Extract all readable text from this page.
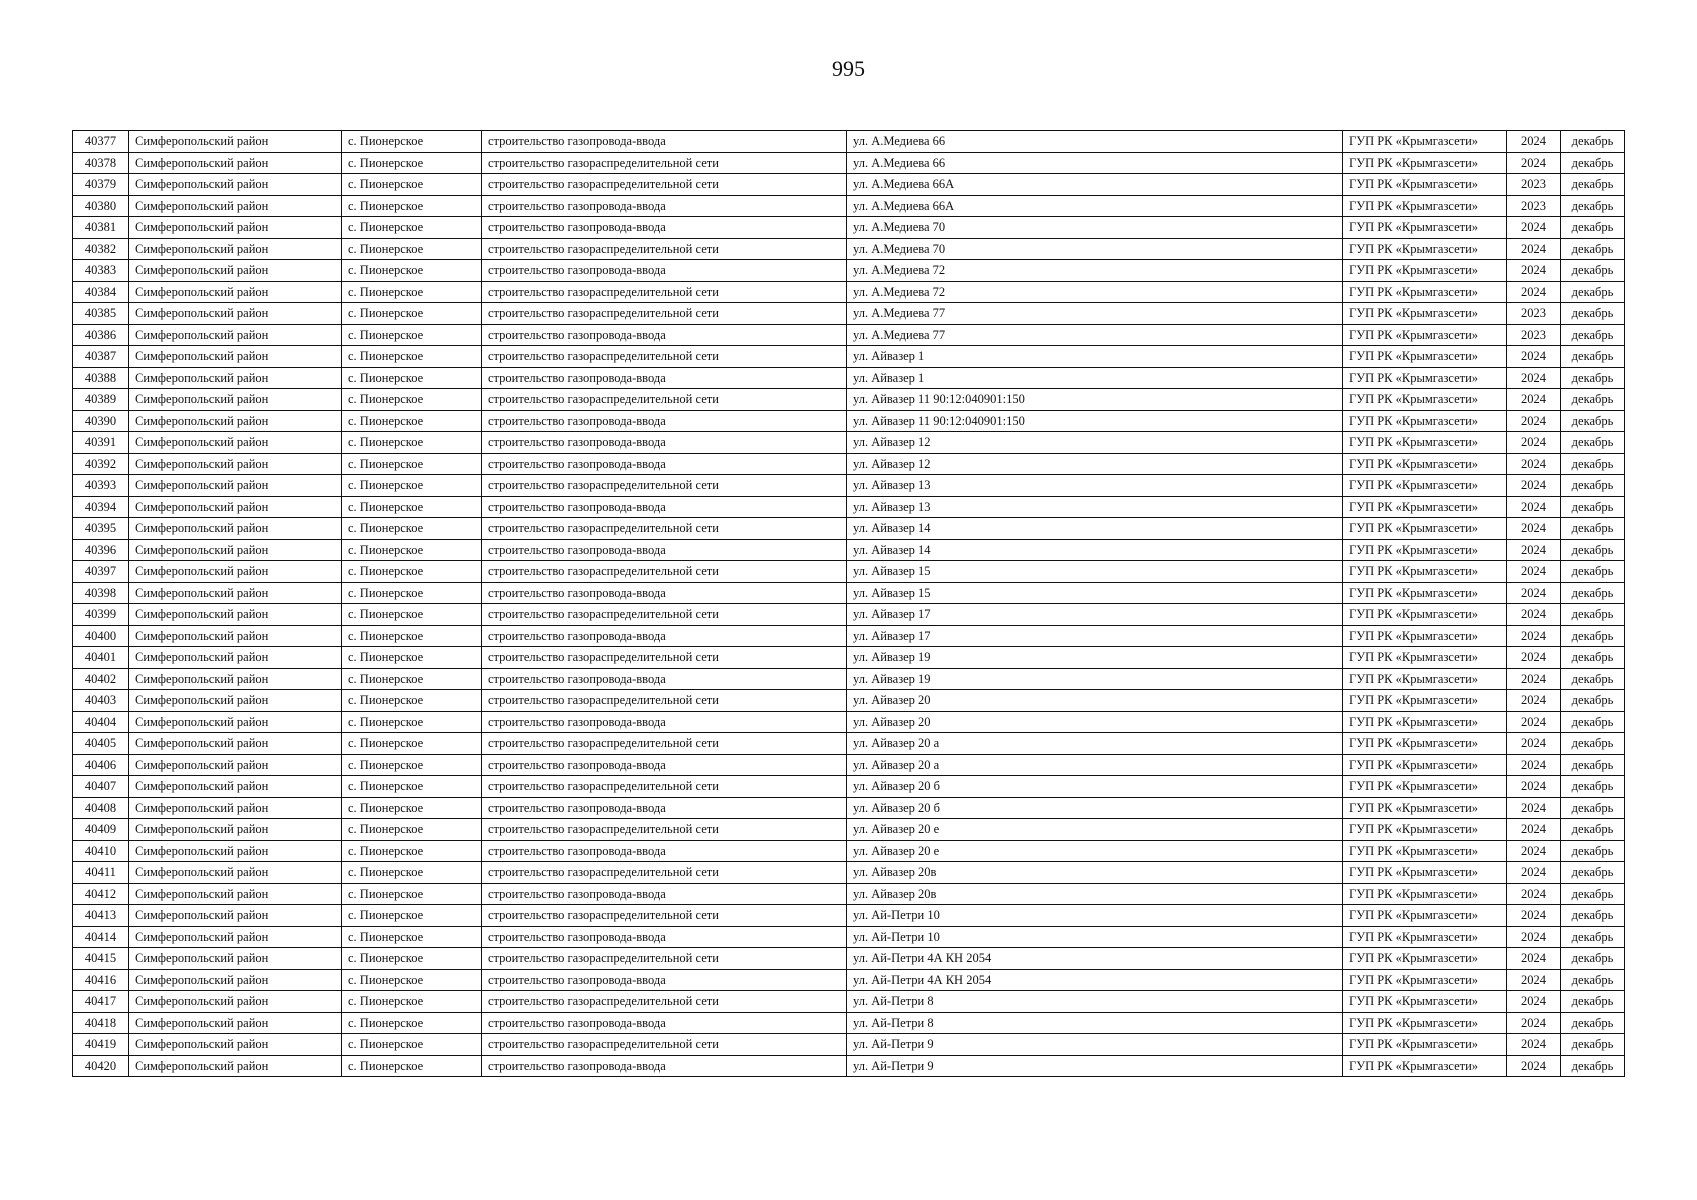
995
40377	Симферопольский район	с. Пионерское	строительство газопровода-ввода	ул. А.Медиева 66	ГУП РК «Крымгазсети»	2024	декабрь
40378	Симферопольский район	с. Пионерское	строительство газораспределительной сети	ул. А.Медиева 66	ГУП РК «Крымгазсети»	2024	декабрь
40379	Симферопольский район	с. Пионерское	строительство газораспределительной сети	ул. А.Медиева 66А	ГУП РК «Крымгазсети»	2023	декабрь
40380	Симферопольский район	с. Пионерское	строительство газопровода-ввода	ул. А.Медиева 66А	ГУП РК «Крымгазсети»	2023	декабрь
40381	Симферопольский район	с. Пионерское	строительство газопровода-ввода	ул. А.Медиева 70	ГУП РК «Крымгазсети»	2024	декабрь
40382	Симферопольский район	с. Пионерское	строительство газораспределительной сети	ул. А.Медиева 70	ГУП РК «Крымгазсети»	2024	декабрь
40383	Симферопольский район	с. Пионерское	строительство газопровода-ввода	ул. А.Медиева 72	ГУП РК «Крымгазсети»	2024	декабрь
40384	Симферопольский район	с. Пионерское	строительство газораспределительной сети	ул. А.Медиева 72	ГУП РК «Крымгазсети»	2024	декабрь
40385	Симферопольский район	с. Пионерское	строительство газораспределительной сети	ул. А.Медиева 77	ГУП РК «Крымгазсети»	2023	декабрь
40386	Симферопольский район	с. Пионерское	строительство газопровода-ввода	ул. А.Медиева 77	ГУП РК «Крымгазсети»	2023	декабрь
40387	Симферопольский район	с. Пионерское	строительство газораспределительной сети	ул. Айвазер 1	ГУП РК «Крымгазсети»	2024	декабрь
40388	Симферопольский район	с. Пионерское	строительство газопровода-ввода	ул. Айвазер 1	ГУП РК «Крымгазсети»	2024	декабрь
40389	Симферопольский район	с. Пионерское	строительство газораспределительной сети	ул. Айвазер 11 90:12:040901:150	ГУП РК «Крымгазсети»	2024	декабрь
40390	Симферопольский район	с. Пионерское	строительство газопровода-ввода	ул. Айвазер 11 90:12:040901:150	ГУП РК «Крымгазсети»	2024	декабрь
40391	Симферопольский район	с. Пионерское	строительство газопровода-ввода	ул. Айвазер 12	ГУП РК «Крымгазсети»	2024	декабрь
40392	Симферопольский район	с. Пионерское	строительство газопровода-ввода	ул. Айвазер 12	ГУП РК «Крымгазсети»	2024	декабрь
40393	Симферопольский район	с. Пионерское	строительство газораспределительной сети	ул. Айвазер 13	ГУП РК «Крымгазсети»	2024	декабрь
40394	Симферопольский район	с. Пионерское	строительство газопровода-ввода	ул. Айвазер 13	ГУП РК «Крымгазсети»	2024	декабрь
40395	Симферопольский район	с. Пионерское	строительство газораспределительной сети	ул. Айвазер 14	ГУП РК «Крымгазсети»	2024	декабрь
40396	Симферопольский район	с. Пионерское	строительство газопровода-ввода	ул. Айвазер 14	ГУП РК «Крымгазсети»	2024	декабрь
40397	Симферопольский район	с. Пионерское	строительство газораспределительной сети	ул. Айвазер 15	ГУП РК «Крымгазсети»	2024	декабрь
40398	Симферопольский район	с. Пионерское	строительство газопровода-ввода	ул. Айвазер 15	ГУП РК «Крымгазсети»	2024	декабрь
40399	Симферопольский район	с. Пионерское	строительство газораспределительной сети	ул. Айвазер 17	ГУП РК «Крымгазсети»	2024	декабрь
40400	Симферопольский район	с. Пионерское	строительство газопровода-ввода	ул. Айвазер 17	ГУП РК «Крымгазсети»	2024	декабрь
40401	Симферопольский район	с. Пионерское	строительство газораспределительной сети	ул. Айвазер 19	ГУП РК «Крымгазсети»	2024	декабрь
40402	Симферопольский район	с. Пионерское	строительство газопровода-ввода	ул. Айвазер 19	ГУП РК «Крымгазсети»	2024	декабрь
40403	Симферопольский район	с. Пионерское	строительство газораспределительной сети	ул. Айвазер 20	ГУП РК «Крымгазсети»	2024	декабрь
40404	Симферопольский район	с. Пионерское	строительство газопровода-ввода	ул. Айвазер 20	ГУП РК «Крымгазсети»	2024	декабрь
40405	Симферопольский район	с. Пионерское	строительство газораспределительной сети	ул. Айвазер 20 а	ГУП РК «Крымгазсети»	2024	декабрь
40406	Симферопольский район	с. Пионерское	строительство газопровода-ввода	ул. Айвазер 20 а	ГУП РК «Крымгазсети»	2024	декабрь
40407	Симферопольский район	с. Пионерское	строительство газораспределительной сети	ул. Айвазер 20 б	ГУП РК «Крымгазсети»	2024	декабрь
40408	Симферопольский район	с. Пионерское	строительство газопровода-ввода	ул. Айвазер 20 б	ГУП РК «Крымгазсети»	2024	декабрь
40409	Симферопольский район	с. Пионерское	строительство газораспределительной сети	ул. Айвазер 20 е	ГУП РК «Крымгазсети»	2024	декабрь
40410	Симферопольский район	с. Пионерское	строительство газопровода-ввода	ул. Айвазер 20 е	ГУП РК «Крымгазсети»	2024	декабрь
40411	Симферопольский район	с. Пионерское	строительство газораспределительной сети	ул. Айвазер 20в	ГУП РК «Крымгазсети»	2024	декабрь
40412	Симферопольский район	с. Пионерское	строительство газопровода-ввода	ул. Айвазер 20в	ГУП РК «Крымгазсети»	2024	декабрь
40413	Симферопольский район	с. Пионерское	строительство газораспределительной сети	ул. Ай-Петри 10	ГУП РК «Крымгазсети»	2024	декабрь
40414	Симферопольский район	с. Пионерское	строительство газопровода-ввода	ул. Ай-Петри 10	ГУП РК «Крымгазсети»	2024	декабрь
40415	Симферопольский район	с. Пионерское	строительство газораспределительной сети	ул. Ай-Петри 4А КН 2054	ГУП РК «Крымгазсети»	2024	декабрь
40416	Симферопольский район	с. Пионерское	строительство газопровода-ввода	ул. Ай-Петри 4А КН 2054	ГУП РК «Крымгазсети»	2024	декабрь
40417	Симферопольский район	с. Пионерское	строительство газораспределительной сети	ул. Ай-Петри 8	ГУП РК «Крымгазсети»	2024	декабрь
40418	Симферопольский район	с. Пионерское	строительство газопровода-ввода	ул. Ай-Петри 8	ГУП РК «Крымгазсети»	2024	декабрь
40419	Симферопольский район	с. Пионерское	строительство газораспределительной сети	ул. Ай-Петри 9	ГУП РК «Крымгазсети»	2024	декабрь
40420	Симферопольский район	с. Пионерское	строительство газопровода-ввода	ул. Ай-Петри 9	ГУП РК «Крымгазсети»	2024	декабрь
